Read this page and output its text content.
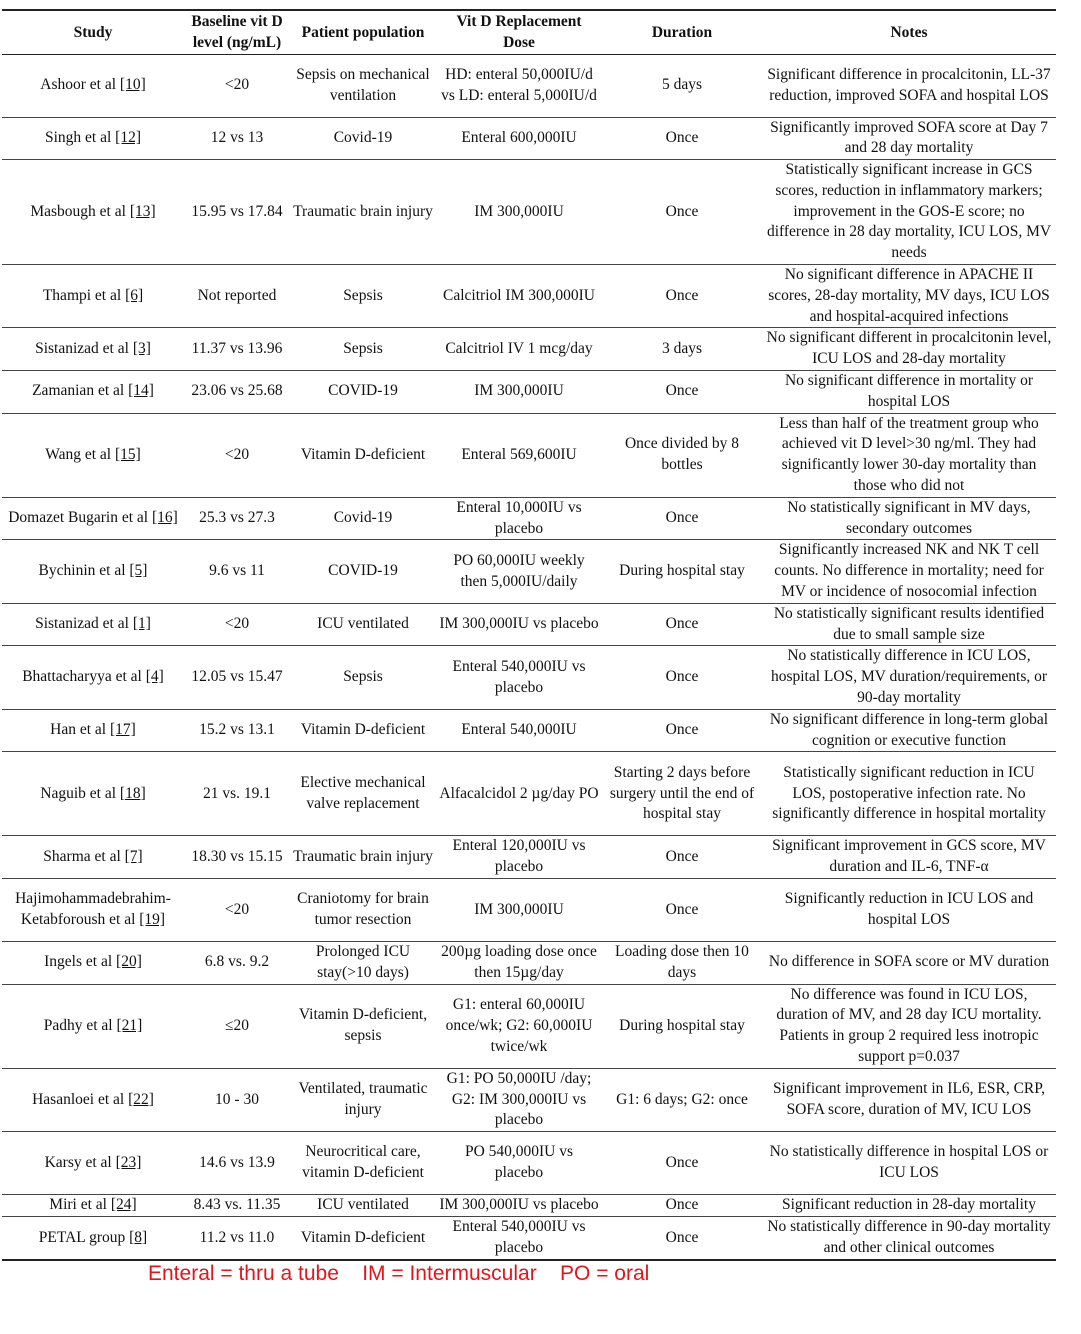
Study	Baseline vit D level (ng/mL)	Patient population	Vit D Replacement Dose	Duration	Notes
Ashoor et al [10]	<20	Sepsis on mechanical ventilation	HD: enteral 50,000IU/d vs LD: enteral 5,000IU/d	5 days	Significant difference in procalcitonin, LL-37 reduction, improved SOFA and hospital LOS
Singh et al [12]	12 vs 13	Covid-19	Enteral 600,000IU	Once	Significantly improved SOFA score at Day 7 and 28 day mortality
Masbough et al [13]	15.95 vs 17.84	Traumatic brain injury	IM 300,000IU	Once	Statistically significant increase in GCS scores, reduction in inflammatory markers; improvement in the GOS-E score; no difference in 28 day mortality, ICU LOS, MV needs
Thampi et al [6]	Not reported	Sepsis	Calcitriol IM 300,000IU	Once	No significant difference in APACHE II scores, 28-day mortality, MV days, ICU LOS and hospital-acquired infections
Sistanizad et al [3]	11.37 vs 13.96	Sepsis	Calcitriol IV 1 mcg/day	3 days	No significant different in procalcitonin level, ICU LOS and 28-day mortality
Zamanian et al [14]	23.06 vs 25.68	COVID-19	IM 300,000IU	Once	No significant difference in mortality or hospital LOS
Wang et al [15]	<20	Vitamin D-deficient	Enteral 569,600IU	Once divided by 8 bottles	Less than half of the treatment group who achieved vit D level>30 ng/ml. They had significantly lower 30-day mortality than those who did not
Domazet Bugarin et al [16]	25.3 vs 27.3	Covid-19	Enteral 10,000IU vs placebo	Once	No statistically significant in MV days, secondary outcomes
Bychinin et al [5]	9.6 vs 11	COVID-19	PO 60,000IU weekly then 5,000IU/daily	During hospital stay	Significantly increased NK and NK T cell counts. No difference in mortality; need for MV or incidence of nosocomial infection
Sistanizad et al [1]	<20	ICU ventilated	IM 300,000IU vs placebo	Once	No statistically significant results identified due to small sample size
Bhattacharyya et al [4]	12.05 vs 15.47	Sepsis	Enteral 540,000IU vs placebo	Once	No statistically difference in ICU LOS, hospital LOS, MV duration/requirements, or 90-day mortality
Han et al [17]	15.2 vs 13.1	Vitamin D-deficient	Enteral 540,000IU	Once	No significant difference in long-term global cognition or executive function
Naguib et al [18]	21 vs. 19.1	Elective mechanical valve replacement	Alfacalcidol 2 µg/day PO	Starting 2 days before surgery until the end of hospital stay	Statistically significant reduction in ICU LOS, postoperative infection rate. No significantly difference in hospital mortality
Sharma et al [7]	18.30 vs 15.15	Traumatic brain injury	Enteral 120,000IU vs placebo	Once	Significant improvement in GCS score, MV duration and IL-6, TNF-α
Hajimohammadebrahim-Ketabforoush et al [19]	<20	Craniotomy for brain tumor resection	IM 300,000IU	Once	Significantly reduction in ICU LOS and hospital LOS
Ingels et al [20]	6.8 vs. 9.2	Prolonged ICU stay(>10 days)	200µg loading dose once then 15µg/day	Loading dose then 10 days	No difference in SOFA score or MV duration
Padhy et al [21]	≤20	Vitamin D-deficient, sepsis	G1: enteral 60,000IU once/wk; G2: 60,000IU twice/wk	During hospital stay	No difference was found in ICU LOS, duration of MV, and 28 day ICU mortality. Patients in group 2 required less inotropic support p=0.037
Hasanloei et al [22]	10 - 30	Ventilated, traumatic injury	G1: PO 50,000IU /day; G2: IM 300,000IU vs placebo	G1: 6 days; G2: once	Significant improvement in IL6, ESR, CRP, SOFA score, duration of MV, ICU LOS
Karsy et al [23]	14.6 vs 13.9	Neurocritical care, vitamin D-deficient	PO 540,000IU vs placebo	Once	No statistically difference in hospital LOS or ICU LOS
Miri et al [24]	8.43 vs. 11.35	ICU ventilated	IM 300,000IU vs placebo	Once	Significant reduction in 28-day mortality
PETAL group [8]	11.2 vs 11.0	Vitamin D-deficient	Enteral 540,000IU vs placebo	Once	No statistically difference in 90-day mortality and other clinical outcomes
Enteral = thru a tube    IM = Intermuscular    PO = oral
